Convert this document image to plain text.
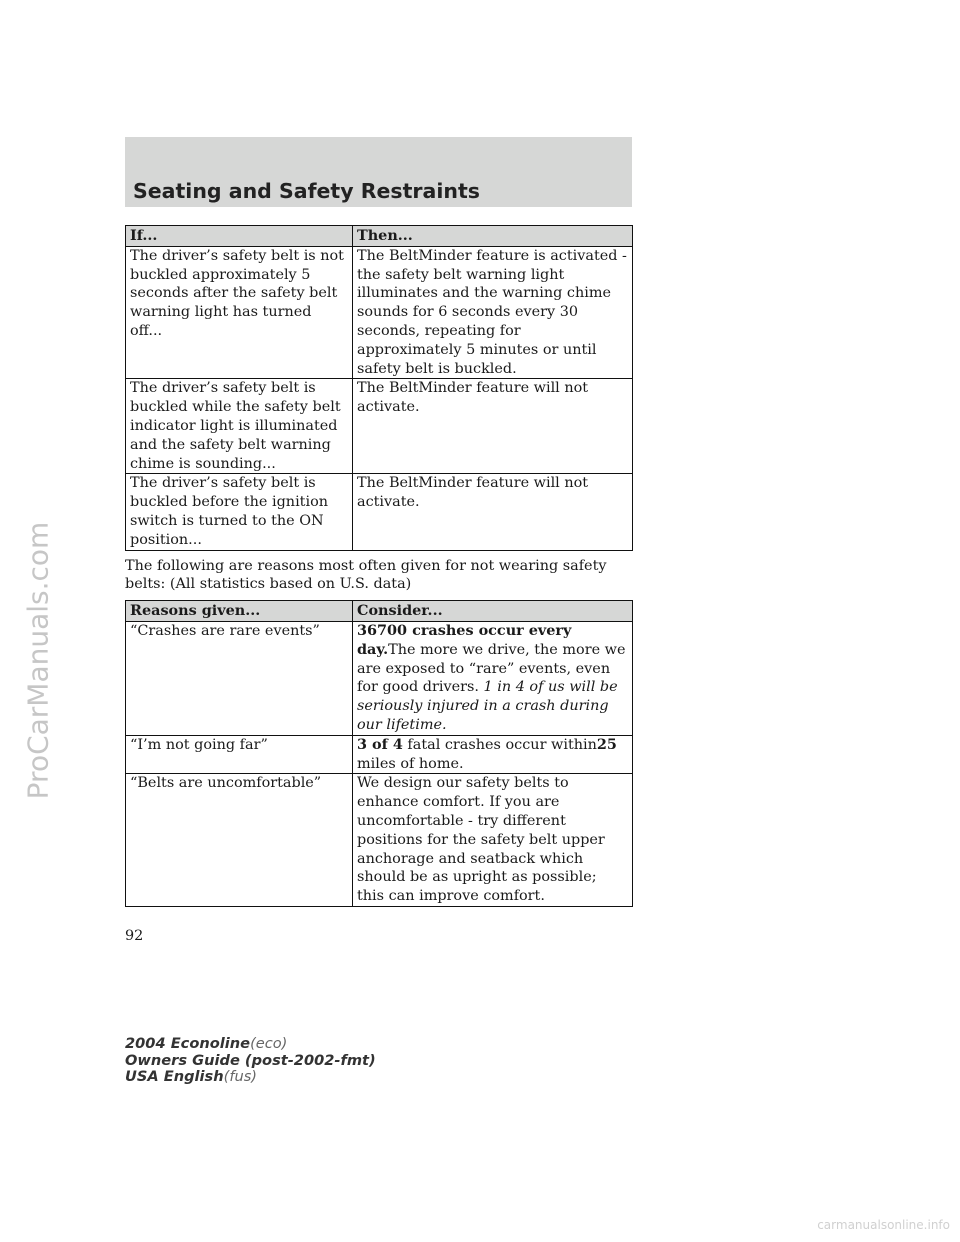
ProCarManuals.com
Seating and Safety Restraints
If...	Then...
The driver’s safety belt is not buckled approximately 5 seconds after the safety belt warning light has turned off...	The BeltMinder feature is activated - the safety belt warning light illuminates and the warning chime sounds for 6 seconds every 30 seconds, repeating for approximately 5 minutes or until safety belt is buckled.
The driver’s safety belt is buckled while the safety belt indicator light is illuminated and the safety belt warning chime is sounding...	The BeltMinder feature will not activate.
The driver’s safety belt is buckled before the ignition switch is turned to the ON position...	The BeltMinder feature will not activate.
The following are reasons most often given for not wearing safety belts: (All statistics based on U.S. data)
Reasons given...	Consider...
“Crashes are rare events”	36700 crashes occur every day.The more we drive, the more we are exposed to “rare” events, even for good drivers. 1 in 4 of us will be seriously injured in a crash during our lifetime.
“I’m not going far”	3 of 4 fatal crashes occur within25 miles of home.
“Belts are uncomfortable”	We design our safety belts to enhance comfort. If you are uncomfortable - try different positions for the safety belt upper anchorage and seatback which should be as upright as possible; this can improve comfort.
92
2004 Econoline(eco)
Owners Guide (post-2002-fmt)
USA English(fus)
carmanualsonline.info
